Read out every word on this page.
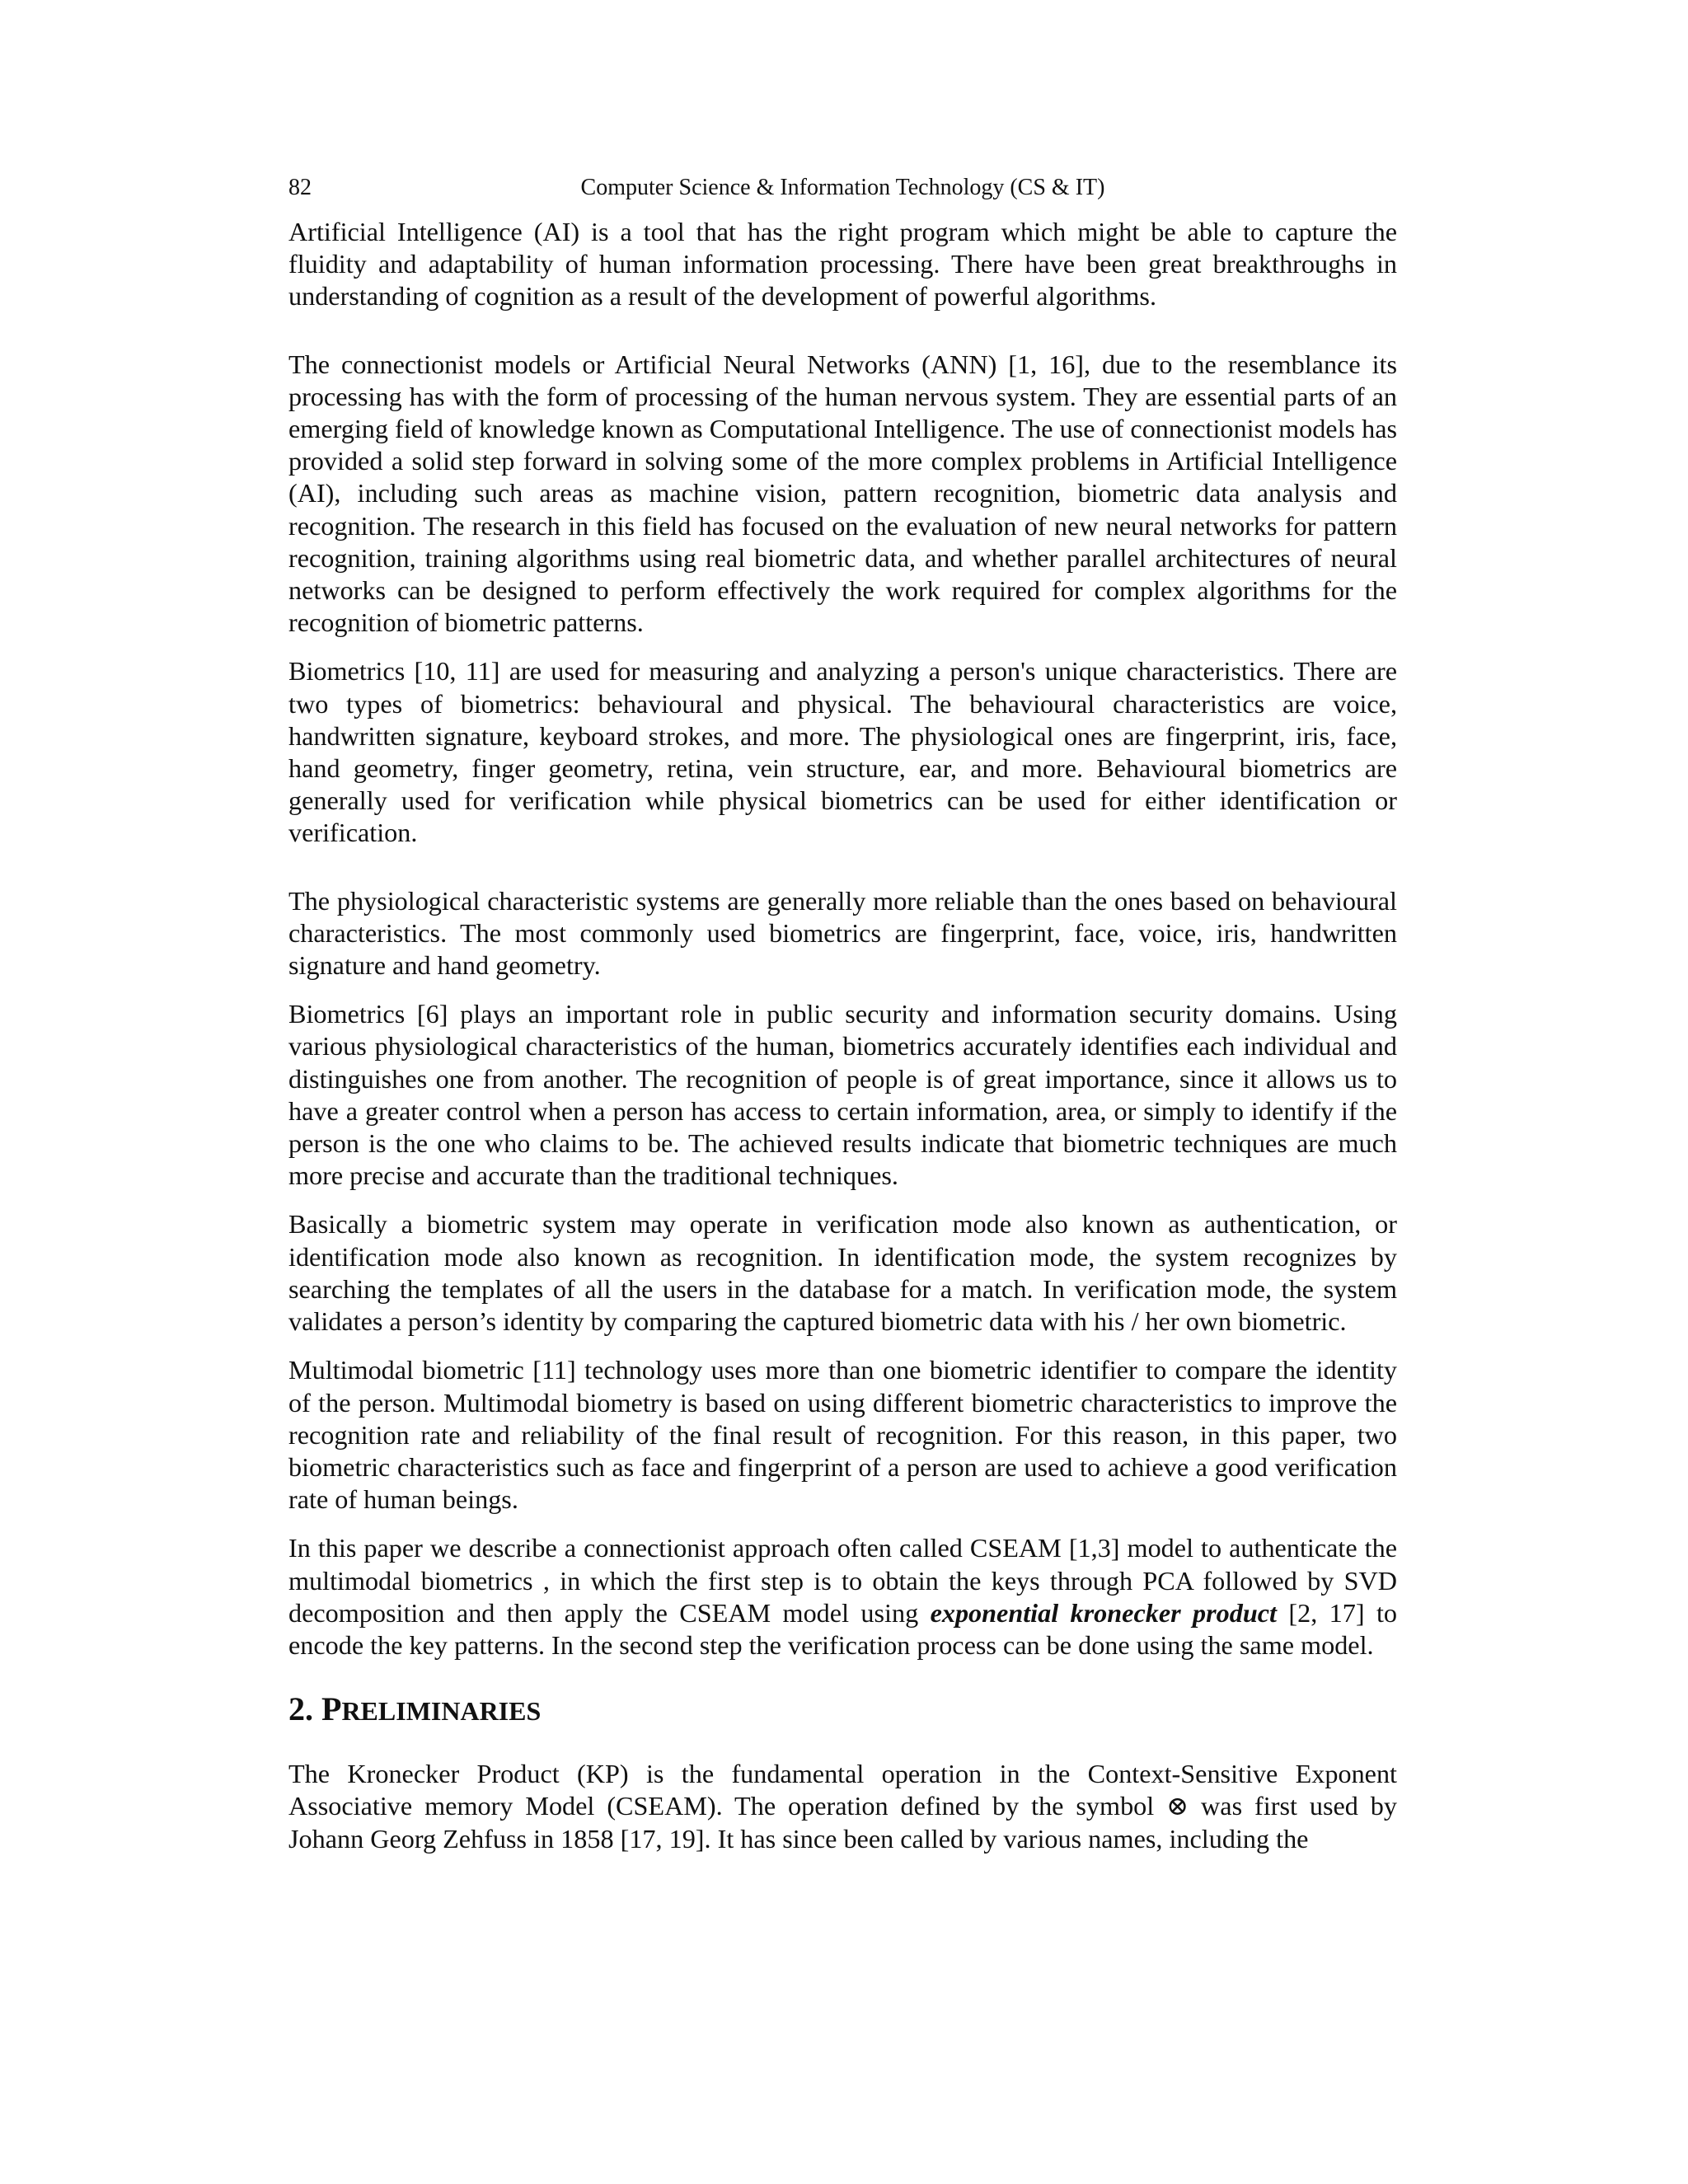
82	Computer Science & Information Technology (CS & IT)

Artificial Intelligence (AI) is a tool that has the right program which might be able to capture the fluidity and adaptability of human information processing. There have been great breakthroughs in understanding of cognition as a result of the development of powerful algorithms.

The connectionist models or Artificial Neural Networks (ANN) [1, 16], due to the resemblance its processing has with the form of processing of the human nervous system. They are essential parts of an emerging field of knowledge known as Computational Intelligence. The use of connectionist models has provided a solid step forward in solving some of the more complex problems in Artificial Intelligence (AI), including such areas as machine vision, pattern recognition, biometric data analysis and recognition. The research in this field has focused on the evaluation of new neural networks for pattern recognition, training algorithms using real biometric data, and whether parallel architectures of neural networks can be designed to perform effectively the work required for complex algorithms for the recognition of biometric patterns.

Biometrics [10, 11] are used for measuring and analyzing a person's unique characteristics. There are two types of biometrics: behavioural and physical. The behavioural characteristics are voice, handwritten signature, keyboard strokes, and more. The physiological ones are fingerprint, iris, face, hand geometry, finger geometry, retina, vein structure, ear, and more. Behavioural biometrics are generally used for verification while physical biometrics can be used for either identification or verification.

The physiological characteristic systems are generally more reliable than the ones based on behavioural characteristics. The most commonly used biometrics are fingerprint, face, voice, iris, handwritten signature and hand geometry.

Biometrics [6] plays an important role in public security and information security domains. Using various physiological characteristics of the human, biometrics accurately identifies each individual and distinguishes one from another. The recognition of people is of great importance, since it allows us to have a greater control when a person has access to certain information, area, or simply to identify if the person is the one who claims to be. The achieved results indicate that biometric techniques are much more precise and accurate than the traditional techniques.

Basically a biometric system may operate in verification mode also known as authentication, or identification mode also known as recognition. In identification mode, the system recognizes by searching the templates of all the users in the database for a match. In verification mode, the system validates a person’s identity by comparing the captured biometric data with his / her own biometric.

Multimodal biometric [11] technology uses more than one biometric identifier to compare the identity of the person. Multimodal biometry is based on using different biometric characteristics to improve the recognition rate and reliability of the final result of recognition. For this reason, in this paper, two biometric characteristics such as face and fingerprint of a person are used to achieve a good verification rate of human beings.

In this paper we describe a connectionist approach often called CSEAM [1,3] model to authenticate the multimodal biometrics , in which the first step is to obtain the keys through PCA followed by SVD decomposition and then apply the CSEAM model using exponential kronecker product [2, 17] to encode the key patterns. In the second step the verification process can be done using the same model.

2. PRELIMINARIES

The Kronecker Product (KP) is the fundamental operation in the Context-Sensitive Exponent Associative memory Model (CSEAM). The operation defined by the symbol ⊗ was first used by Johann Georg Zehfuss in 1858 [17, 19]. It has since been called by various names, including the
